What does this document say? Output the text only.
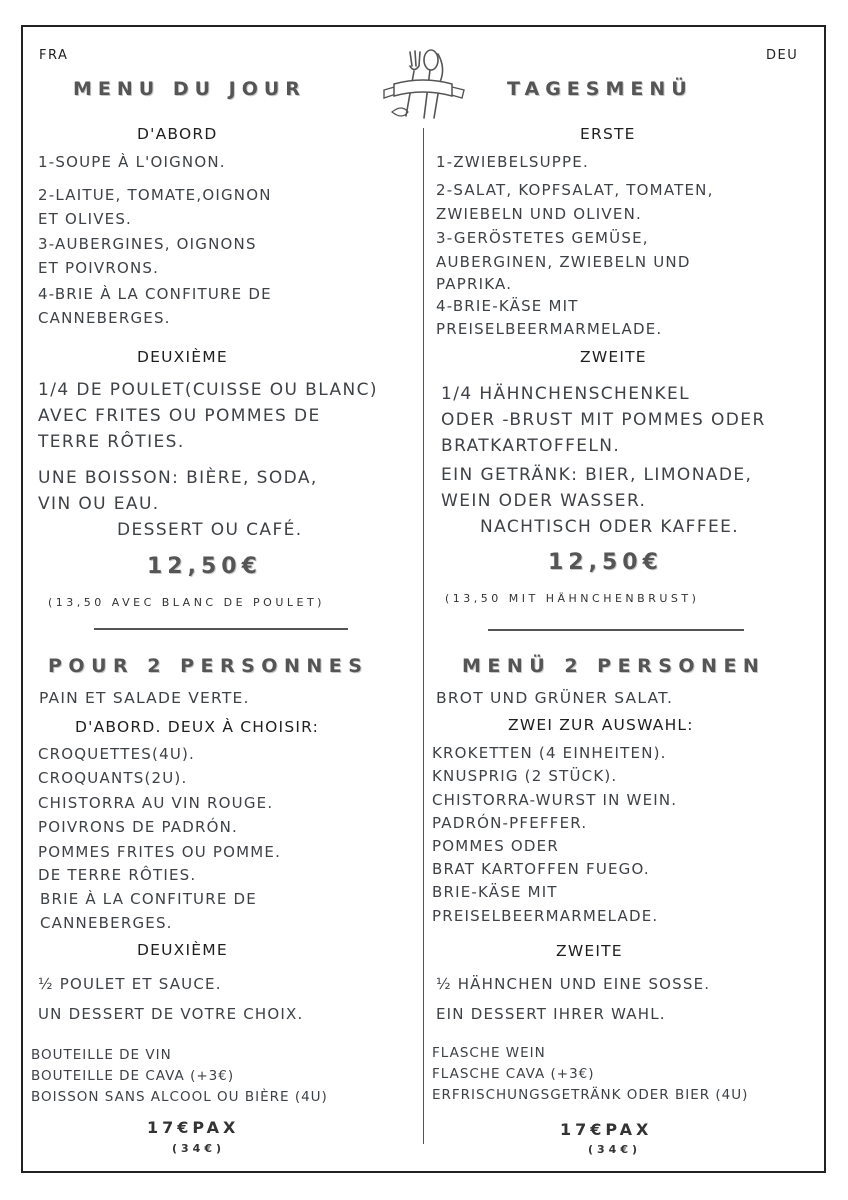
FRA	DEU
MENU DU JOUR	TAGESMENÜ
D'ABORD
1-SOUPE À L'OIGNON.
2-LAITUE, TOMATE,OIGNON
ET OLIVES.
3-AUBERGINES, OIGNONS
ET POIVRONS.
4-BRIE À LA CONFITURE DE
CANNEBERGES.
DEUXIÈME
1/4 DE POULET(CUISSE OU BLANC)
AVEC FRITES OU POMMES DE
TERRE RÔTIES.
UNE BOISSON: BIÈRE, SODA,
VIN OU EAU.
DESSERT OU CAFÉ.
12,50€
(13,50 AVEC BLANC DE POULET)
POUR 2 PERSONNES
PAIN ET SALADE VERTE.
D'ABORD. DEUX À CHOISIR:
CROQUETTES(4U).
CROQUANTS(2U).
CHISTORRA AU VIN ROUGE.
POIVRONS DE PADRÓN.
POMMES FRITES OU POMME.
DE TERRE RÔTIES.
BRIE À LA CONFITURE DE
CANNEBERGES.
DEUXIÈME
½ POULET ET SAUCE.
UN DESSERT DE VOTRE CHOIX.
BOUTEILLE DE VIN
BOUTEILLE DE CAVA (+3€)
BOISSON SANS ALCOOL OU BIÈRE (4U)
17€PAX
(34€)
ERSTE
1-ZWIEBELSUPPE.
2-SALAT, KOPFSALAT, TOMATEN,
ZWIEBELN UND OLIVEN.
3-GERÖSTETES GEMÜSE,
AUBERGINEN, ZWIEBELN UND
PAPRIKA.
4-BRIE-KÄSE MIT
PREISELBEERMARMELADE.
ZWEITE
1/4 HÄHNCHENSCHENKEL
ODER -BRUST MIT POMMES ODER
BRATKARTOFFELN.
EIN GETRÄNK: BIER, LIMONADE,
WEIN ODER WASSER.
NACHTISCH ODER KAFFEE.
12,50€
(13,50 MIT HÄHNCHENBRUST)
MENÜ 2 PERSONEN
BROT UND GRÜNER SALAT.
ZWEI ZUR AUSWAHL:
KROKETTEN (4 EINHEITEN).
KNUSPRIG (2 STÜCK).
CHISTORRA-WURST IN WEIN.
PADRÓN-PFEFFER.
POMMES ODER
BRAT KARTOFFEN FUEGO.
BRIE-KÄSE MIT
PREISELBEERMARMELADE.
ZWEITE
½ HÄHNCHEN UND EINE SOSSE.
EIN DESSERT IHRER WAHL.
FLASCHE WEIN
FLASCHE CAVA (+3€)
ERFRISCHUNGSGETRÄNK ODER BIER (4U)
17€PAX
(34€)
